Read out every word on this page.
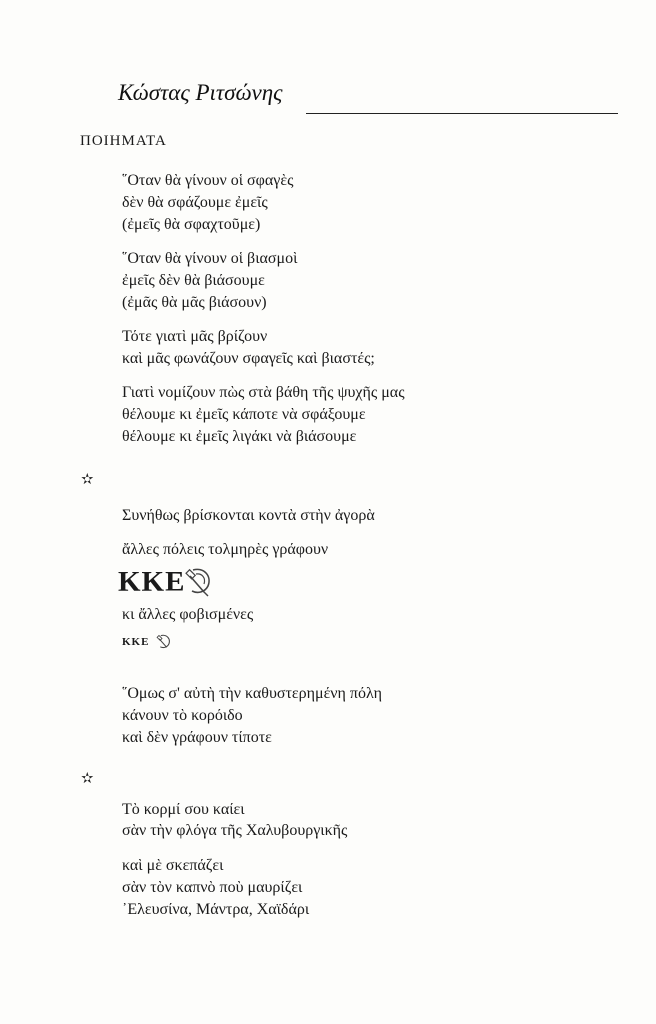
Κώστας Ριτσώνης
ΠΟΙΗΜΑΤΑ
῞Οταν θὰ γίνουν οἱ σφαγὲς
δὲν θὰ σφάζουμε ἐμεῖς
(ἐμεῖς θὰ σφαχτοῦμε)
῞Οταν θὰ γίνουν οἱ βιασμοὶ
ἐμεῖς δὲν θὰ βιάσουμε
(ἐμᾶς θὰ μᾶς βιάσουν)
Τότε γιατὶ μᾶς βρίζουν
καὶ μᾶς φωνάζουν σφαγεῖς καὶ βιαστές;
Γιατὶ νομίζουν πὼς στὰ βάθη τῆς ψυχῆς μας
θέλουμε κι ἐμεῖς κάποτε νὰ σφάξουμε
θέλουμε κι ἐμεῖς λιγάκι νὰ βιάσουμε
✫
Συνήθως βρίσκονται κοντὰ στὴν ἀγορὰ
ἄλλες πόλεις τολμηρὲς γράφουν
ΚΚΕ
κι ἄλλες φοβισμένες
ΚΚΕ
῞Ομως σ' αὐτὴ τὴν καθυστερημένη πόλη
κάνουν τὸ κορόιδο
καὶ δὲν γράφουν τίποτε
✫
Τὸ κορμί σου καίει
σὰν τὴν φλόγα τῆς Χαλυβουργικῆς
καὶ μὲ σκεπάζει
σὰν τὸν καπνὸ ποὺ μαυρίζει
᾿Ελευσίνα, Μάντρα, Χαϊδάρι
